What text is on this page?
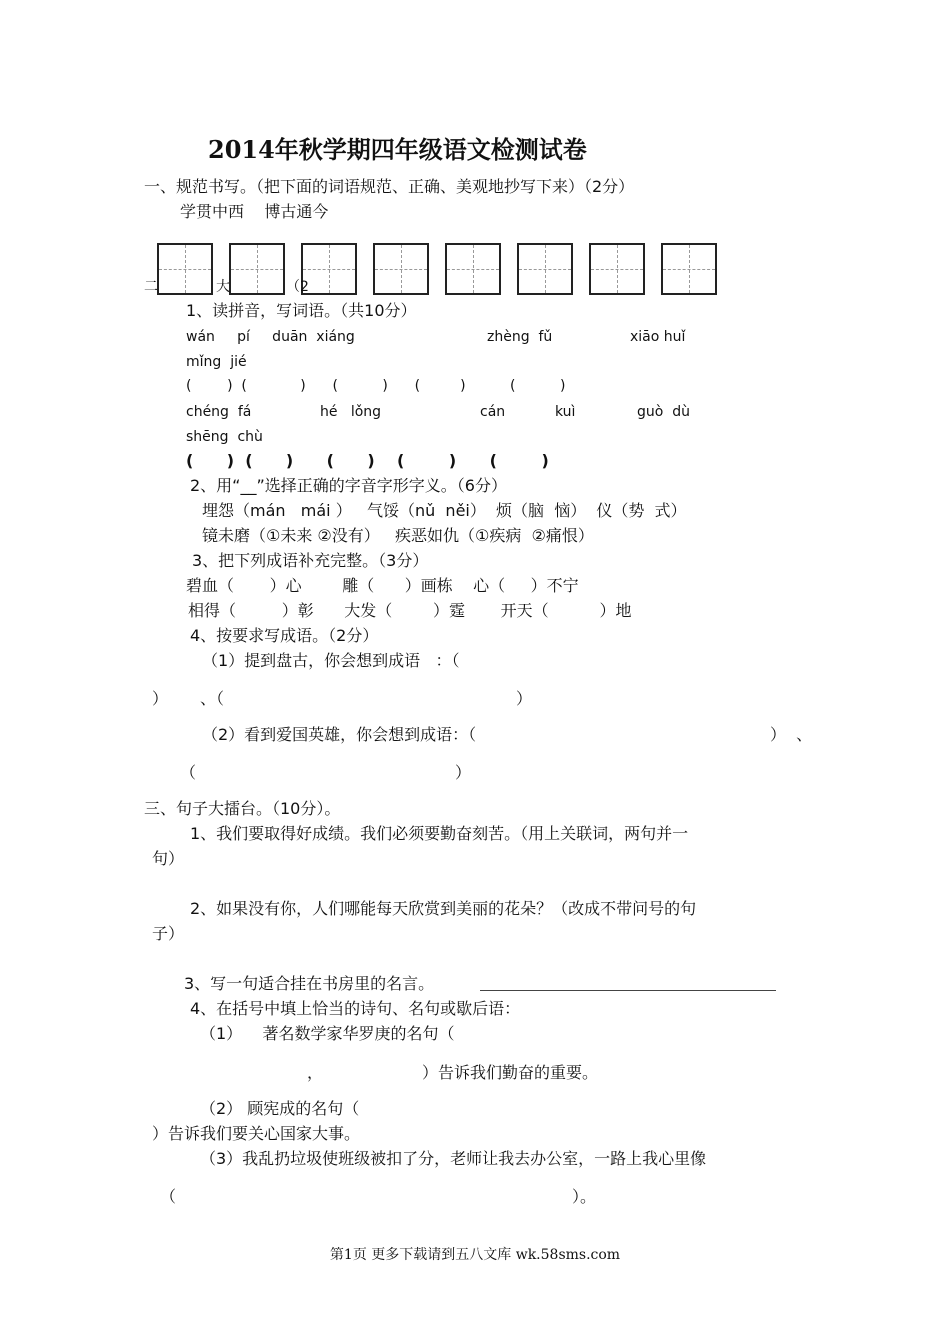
2014年秋学期四年级语文检测试卷
一、规范书写。（把下面的词语规范、正确、美观地抄写下来）（2分）
学贯中西    博古通今
二	大	（2
1、读拼音，写词语。（共10分）
wán     pí     duān  xiáng	zhèng  fǔ	xiāo huǐ
mǐng  jié
(        )  (            )      (          )      (         )          (          )
chéng  fá	hé   lǒng	cán	kuì	guò  dù
shēng  chù
(      )  (      )      (      )    (        )      (        )
2、用“__”选择正确的字音字形字义。（6分）
埋怨（mán   mái ）   气馁（nǔ  něi）  烦（脑  恼）  仪（势  式）
镜未磨（①未来 ②没有）   疾恶如仇（①疾病  ②痛恨）
3、把下列成语补充完整。（3分）
碧血（       ）心        雕（      ）画栋    心（     ）不宁
相得（         ）彰      大发（        ）霆       开天（          ）地
4、按要求写成语。（2分）
（1）提到盘古，你会想到成语   ：（
） 、（	）
（2）看到爱国英雄，你会想到成语：（	）  、
（	）
三、句子大擂台。（10分）。
1、我们要取得好成绩。我们必须要勤奋刻苦。（用上关联词，两句并一
句）
2、如果没有你，人们哪能每天欣赏到美丽的花朵？（改成不带问号的句
子）
3、写一句适合挂在书房里的名言。
4、在括号中填上恰当的诗句、名句或歇后语：
（1）    著名数学家华罗庚的名句（
，	）告诉我们勤奋的重要。
（2） 顾宪成的名句（
）告诉我们要关心国家大事。
（3）我乱扔垃圾使班级被扣了分，老师让我去办公室，一路上我心里像
（	）。
第1页 更多下载请到五八文库 wk.58sms.com
